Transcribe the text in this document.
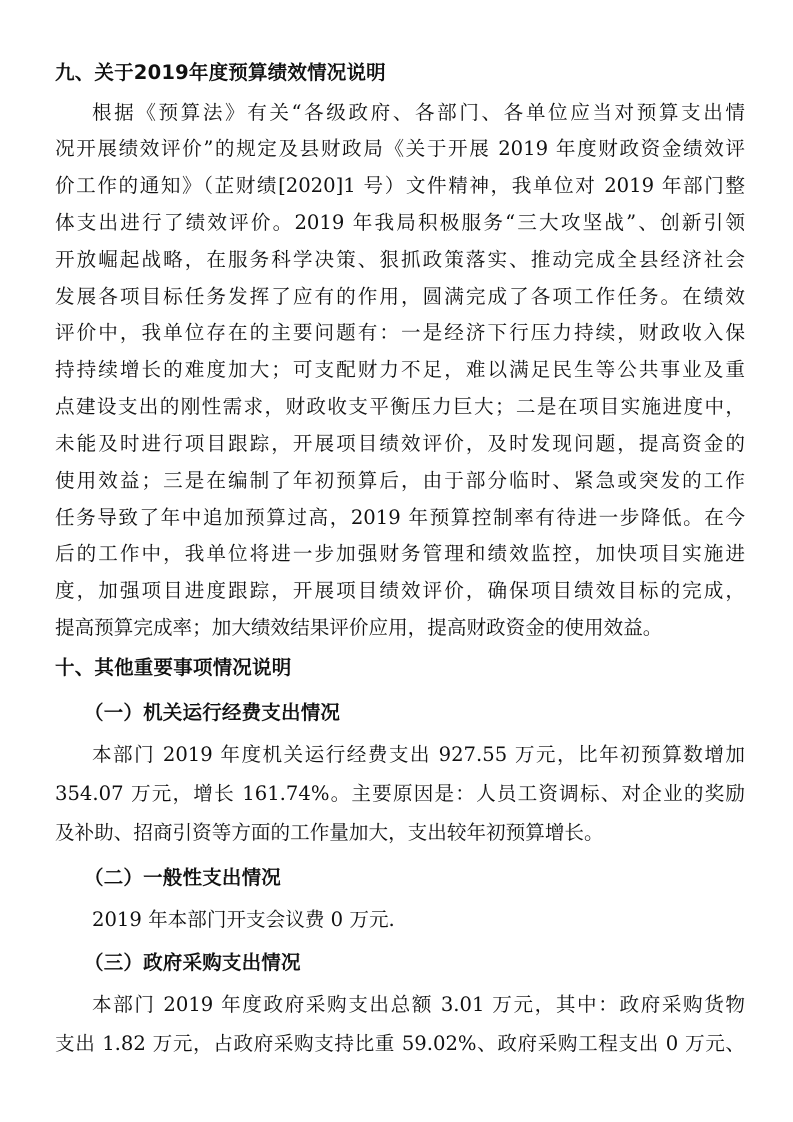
九、关于2019年度预算绩效情况说明
根据《预算法》有关“各级政府、各部门、各单位应当对预算支出情
况开展绩效评价”的规定及县财政局《关于开展 2019 年度财政资金绩效评
价工作的通知》（芷财绩[2020]1 号）文件精神，我单位对 2019 年部门整
体支出进行了绩效评价。2019 年我局积极服务“三大攻坚战”、创新引领
开放崛起战略，在服务科学决策、狠抓政策落实、推动完成全县经济社会
发展各项目标任务发挥了应有的作用，圆满完成了各项工作任务。在绩效
评价中，我单位存在的主要问题有：一是经济下行压力持续，财政收入保
持持续增长的难度加大；可支配财力不足，难以满足民生等公共事业及重
点建设支出的刚性需求，财政收支平衡压力巨大；二是在项目实施进度中，
未能及时进行项目跟踪，开展项目绩效评价，及时发现问题，提高资金的
使用效益；三是在编制了年初预算后，由于部分临时、紧急或突发的工作
任务导致了年中追加预算过高，2019 年预算控制率有待进一步降低。在今
后的工作中，我单位将进一步加强财务管理和绩效监控，加快项目实施进
度，加强项目进度跟踪，开展项目绩效评价，确保项目绩效目标的完成，
提高预算完成率；加大绩效结果评价应用，提高财政资金的使用效益。
十、其他重要事项情况说明
（一）机关运行经费支出情况
本部门 2019 年度机关运行经费支出 927.55 万元，比年初预算数增加
354.07 万元，增长 161.74%。主要原因是：人员工资调标、对企业的奖励
及补助、招商引资等方面的工作量加大，支出较年初预算增长。
（二）一般性支出情况
2019 年本部门开支会议费 0 万元.
（三）政府采购支出情况
本部门 2019 年度政府采购支出总额 3.01 万元，其中：政府采购货物
支出 1.82 万元，占政府采购支持比重 59.02%、政府采购工程支出 0 万元、
